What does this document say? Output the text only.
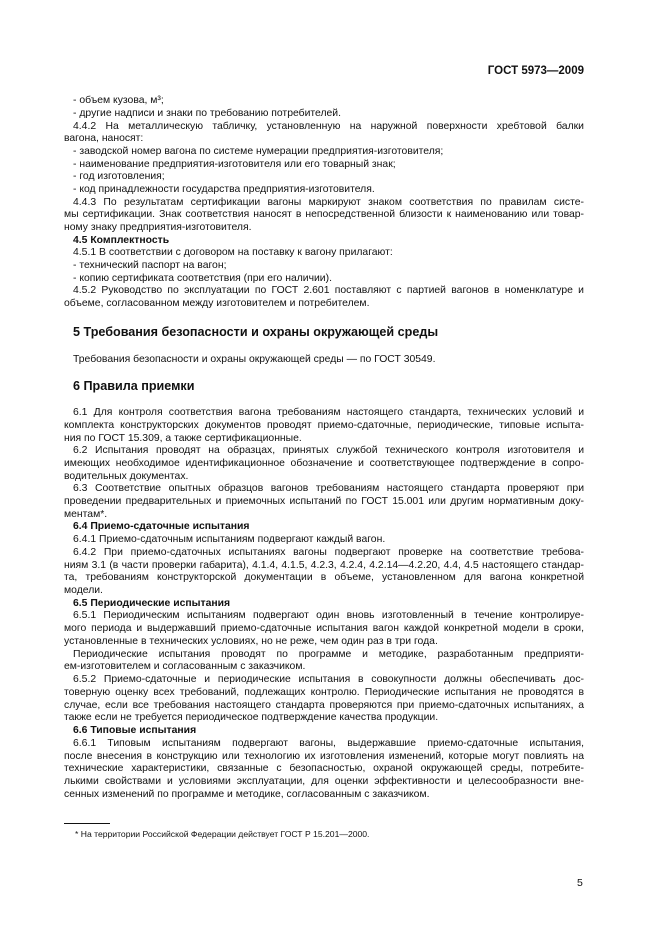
ГОСТ 5973—2009
- объем кузова, м³;
- другие надписи и знаки по требованию потребителей.
4.4.2 На металлическую табличку, установленную на наружной поверхности хребтовой балки
вагона, наносят:
- заводской номер вагона по системе нумерации предприятия-изготовителя;
- наименование предприятия-изготовителя или его товарный знак;
- год изготовления;
- код принадлежности государства предприятия-изготовителя.
4.4.3 По результатам сертификации вагоны маркируют знаком соответствия по правилам систе-
мы сертификации. Знак соответствия наносят в непосредственной близости к наименованию или товар-
ному знаку предприятия-изготовителя.
4.5 Комплектность
4.5.1 В соответствии с договором на поставку к вагону прилагают:
- технический паспорт на вагон;
- копию сертификата соответствия (при его наличии).
4.5.2 Руководство по эксплуатации по ГОСТ 2.601 поставляют с партией вагонов в номенклатуре и
объеме, согласованном между изготовителем и потребителем.
5 Требования безопасности и охраны окружающей среды
Требования безопасности и охраны окружающей среды — по ГОСТ 30549.
6 Правила приемки
6.1 Для контроля соответствия вагона требованиям настоящего стандарта, технических условий и
комплекта конструкторских документов проводят приемо-сдаточные, периодические, типовые испыта-
ния по ГОСТ 15.309, а также сертификационные.
6.2 Испытания проводят на образцах, принятых службой технического контроля изготовителя и
имеющих необходимое идентификационное обозначение и соответствующее подтверждение в сопро-
водительных документах.
6.3 Соответствие опытных образцов вагонов требованиям настоящего стандарта проверяют при
проведении предварительных и приемочных испытаний по ГОСТ 15.001 или другим нормативным доку-
ментам*.
6.4 Приемо-сдаточные испытания
6.4.1 Приемо-сдаточным испытаниям подвергают каждый вагон.
6.4.2 При приемо-сдаточных испытаниях вагоны подвергают проверке на соответствие требова-
ниям 3.1 (в части проверки габарита), 4.1.4, 4.1.5, 4.2.3, 4.2.4, 4.2.14—4.2.20, 4.4, 4.5 настоящего стандар-
та, требованиям конструкторской документации в объеме, установленном для вагона конкретной
модели.
6.5 Периодические испытания
6.5.1 Периодическим испытаниям подвергают один вновь изготовленный в течение контролируе-
мого периода и выдержавший приемо-сдаточные испытания вагон каждой конкретной модели в сроки,
установленные в технических условиях, но не реже, чем один раз в три года.
Периодические испытания проводят по программе и методике, разработанным предприяти-
ем-изготовителем и согласованным с заказчиком.
6.5.2 Приемо-сдаточные и периодические испытания в совокупности должны обеспечивать дос-
товерную оценку всех требований, подлежащих контролю. Периодические испытания не проводятся в
случае, если все требования настоящего стандарта проверяются при приемо-сдаточных испытаниях, а
также если не требуется периодическое подтверждение качества продукции.
6.6 Типовые испытания
6.6.1 Типовым испытаниям подвергают вагоны, выдержавшие приемо-сдаточные испытания,
после внесения в конструкцию или технологию их изготовления изменений, которые могут повлиять на
технические характеристики, связанные с безопасностью, охраной окружающей среды, потребите-
лькими свойствами и условиями эксплуатации, для оценки эффективности и целесообразности вне-
сенных изменений по программе и методике, согласованным с заказчиком.
* На территории Российской Федерации действует ГОСТ Р 15.201—2000.
5
